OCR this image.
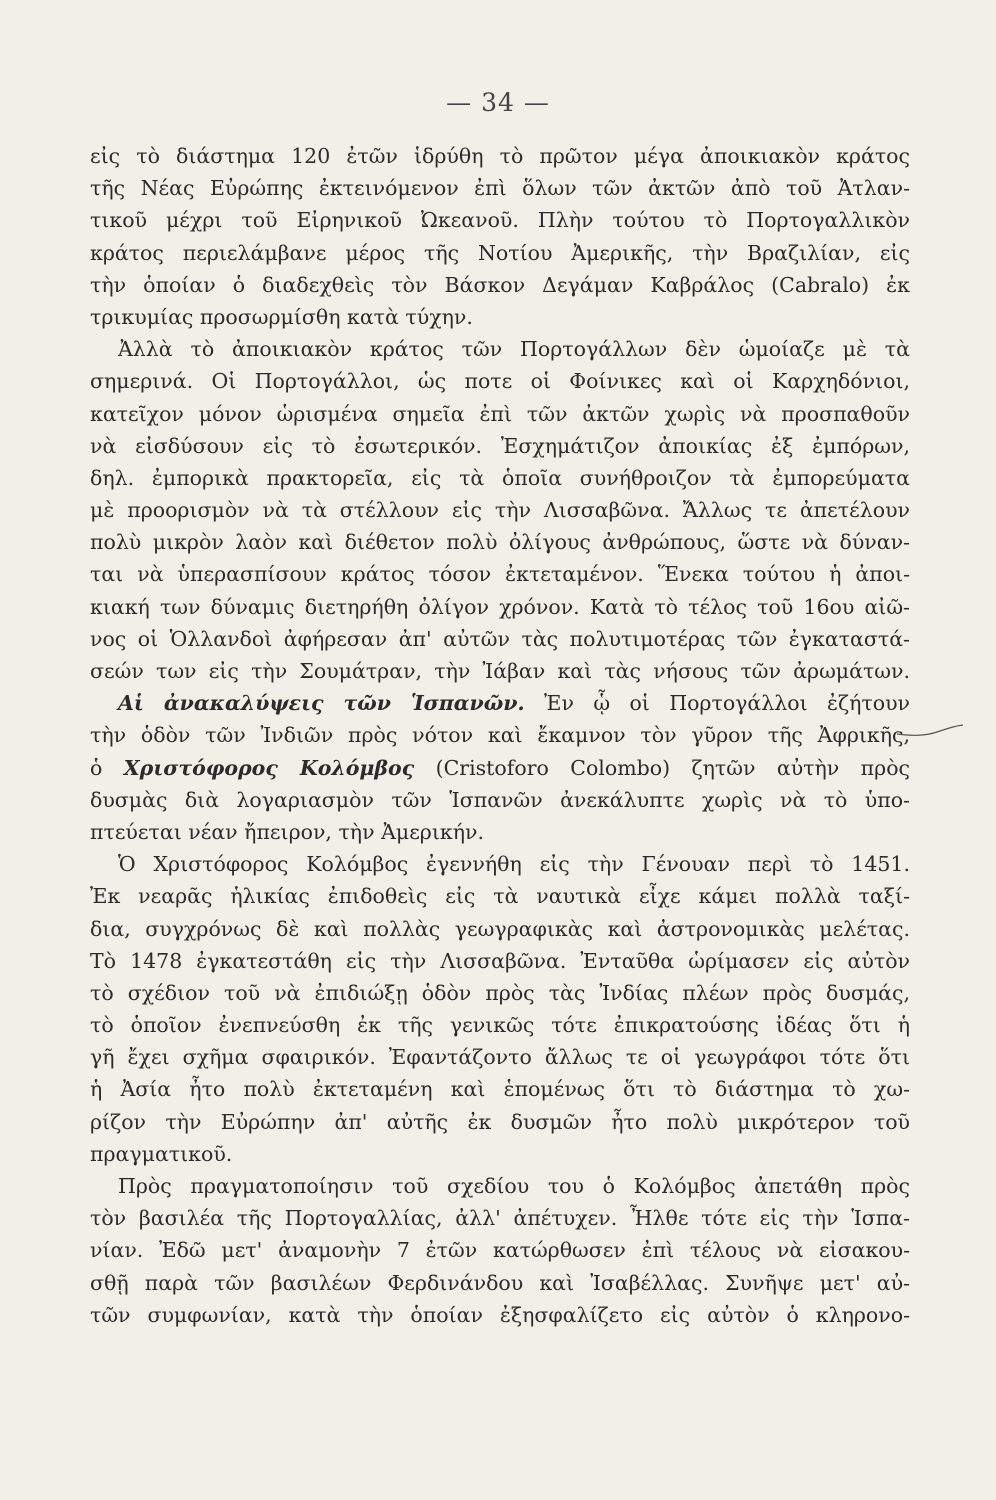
— 34 —
εἰς τὸ διάστημα 120 ἐτῶν ἱδρύθη τὸ πρῶτον μέγα ἀποικιακὸν κράτος
τῆς Νέας Εὐρώπης ἐκτεινόμενον ἐπὶ ὅλων τῶν ἀκτῶν ἀπὸ τοῦ Ἀτλαν-
τικοῦ μέχρι τοῦ Εἰρηνικοῦ Ὠκεανοῦ. Πλὴν τούτου τὸ Πορτογαλλικὸν
κράτος περιελάμβανε μέρος τῆς Νοτίου Ἀμερικῆς, τὴν Βραζιλίαν, εἰς
τὴν ὁποίαν ὁ διαδεχθεὶς τὸν Βάσκον Δεγάμαν Καβράλος (Cabralo) ἐκ
τρικυμίας προσωρμίσθη κατὰ τύχην.
Ἀλλὰ τὸ ἀποικιακὸν κράτος τῶν Πορτογάλλων δὲν ὡμοίαζε μὲ τὰ
σημερινά. Οἱ Πορτογάλλοι, ὡς ποτε οἱ Φοίνικες καὶ οἱ Καρχηδόνιοι,
κατεῖχον μόνον ὡρισμένα σημεῖα ἐπὶ τῶν ἀκτῶν χωρὶς νὰ προσπαθοῦν
νὰ εἰσδύσουν εἰς τὸ ἐσωτερικόν. Ἐσχημάτιζον ἀποικίας ἐξ ἐμπόρων,
δηλ. ἐμπορικὰ πρακτορεῖα, εἰς τὰ ὁποῖα συνήθροιζον τὰ ἐμπορεύματα
μὲ προορισμὸν νὰ τὰ στέλλουν εἰς τὴν Λισσαβῶνα. Ἄλλως τε ἀπετέλουν
πολὺ μικρὸν λαὸν καὶ διέθετον πολὺ ὀλίγους ἀνθρώπους, ὥστε νὰ δύναν-
ται νὰ ὑπερασπίσουν κράτος τόσον ἐκτεταμένον. Ἕνεκα τούτου ἡ ἀποι-
κιακή των δύναμις διετηρήθη ὀλίγον χρόνον. Κατὰ τὸ τέλος τοῦ 16ου αἰῶ-
νος οἱ Ὁλλανδοὶ ἀφήρεσαν ἀπ' αὐτῶν τὰς πολυτιμοτέρας τῶν ἐγκαταστά-
σεών των εἰς τὴν Σουμάτραν, τὴν Ἰάβαν καὶ τὰς νήσους τῶν ἀρωμάτων.
Αἱ ἀνακαλύψεις τῶν Ἱσπανῶν. Ἐν ᾧ οἱ Πορτογάλλοι ἐζήτουν
τὴν ὁδὸν τῶν Ἰνδιῶν πρὸς νότον καὶ ἔκαμνον τὸν γῦρον τῆς Ἀφρικῆς,
ὁ Χριστόφορος Κολόμβος (Cristoforo Colombo) ζητῶν αὐτὴν πρὸς
δυσμὰς διὰ λογαριασμὸν τῶν Ἱσπανῶν ἀνεκάλυπτε χωρὶς νὰ τὸ ὑπο-
πτεύεται νέαν ἤπειρον, τὴν Ἀμερικήν.
Ὁ Χριστόφορος Κολόμβος ἐγεννήθη εἰς τὴν Γένουαν περὶ τὸ 1451.
Ἐκ νεαρᾶς ἡλικίας ἐπιδοθεὶς εἰς τὰ ναυτικὰ εἶχε κάμει πολλὰ ταξί-
δια, συγχρόνως δὲ καὶ πολλὰς γεωγραφικὰς καὶ ἀστρονομικὰς μελέτας.
Τὸ 1478 ἐγκατεστάθη εἰς τὴν Λισσαβῶνα. Ἐνταῦθα ὡρίμασεν εἰς αὐτὸν
τὸ σχέδιον τοῦ νὰ ἐπιδιώξῃ ὁδὸν πρὸς τὰς Ἰνδίας πλέων πρὸς δυσμάς,
τὸ ὁποῖον ἐνεπνεύσθη ἐκ τῆς γενικῶς τότε ἐπικρατούσης ἰδέας ὅτι ἡ
γῆ ἔχει σχῆμα σφαιρικόν. Ἐφαντάζοντο ἄλλως τε οἱ γεωγράφοι τότε ὅτι
ἡ Ἀσία ἦτο πολὺ ἐκτεταμένη καὶ ἑπομένως ὅτι τὸ διάστημα τὸ χω-
ρίζον τὴν Εὐρώπην ἀπ' αὐτῆς ἐκ δυσμῶν ἦτο πολὺ μικρότερον τοῦ
πραγματικοῦ.
Πρὸς πραγματοποίησιν τοῦ σχεδίου του ὁ Κολόμβος ἀπετάθη πρὸς
τὸν βασιλέα τῆς Πορτογαλλίας, ἀλλ' ἀπέτυχεν. Ἦλθε τότε εἰς τὴν Ἱσπα-
νίαν. Ἐδῶ μετ' ἀναμονὴν 7 ἐτῶν κατώρθωσεν ἐπὶ τέλους νὰ εἰσακου-
σθῇ παρὰ τῶν βασιλέων Φερδινάνδου καὶ Ἰσαβέλλας. Συνῆψε μετ' αὐ-
τῶν συμφωνίαν, κατὰ τὴν ὁποίαν ἐξησφαλίζετο εἰς αὐτὸν ὁ κληρονο-
